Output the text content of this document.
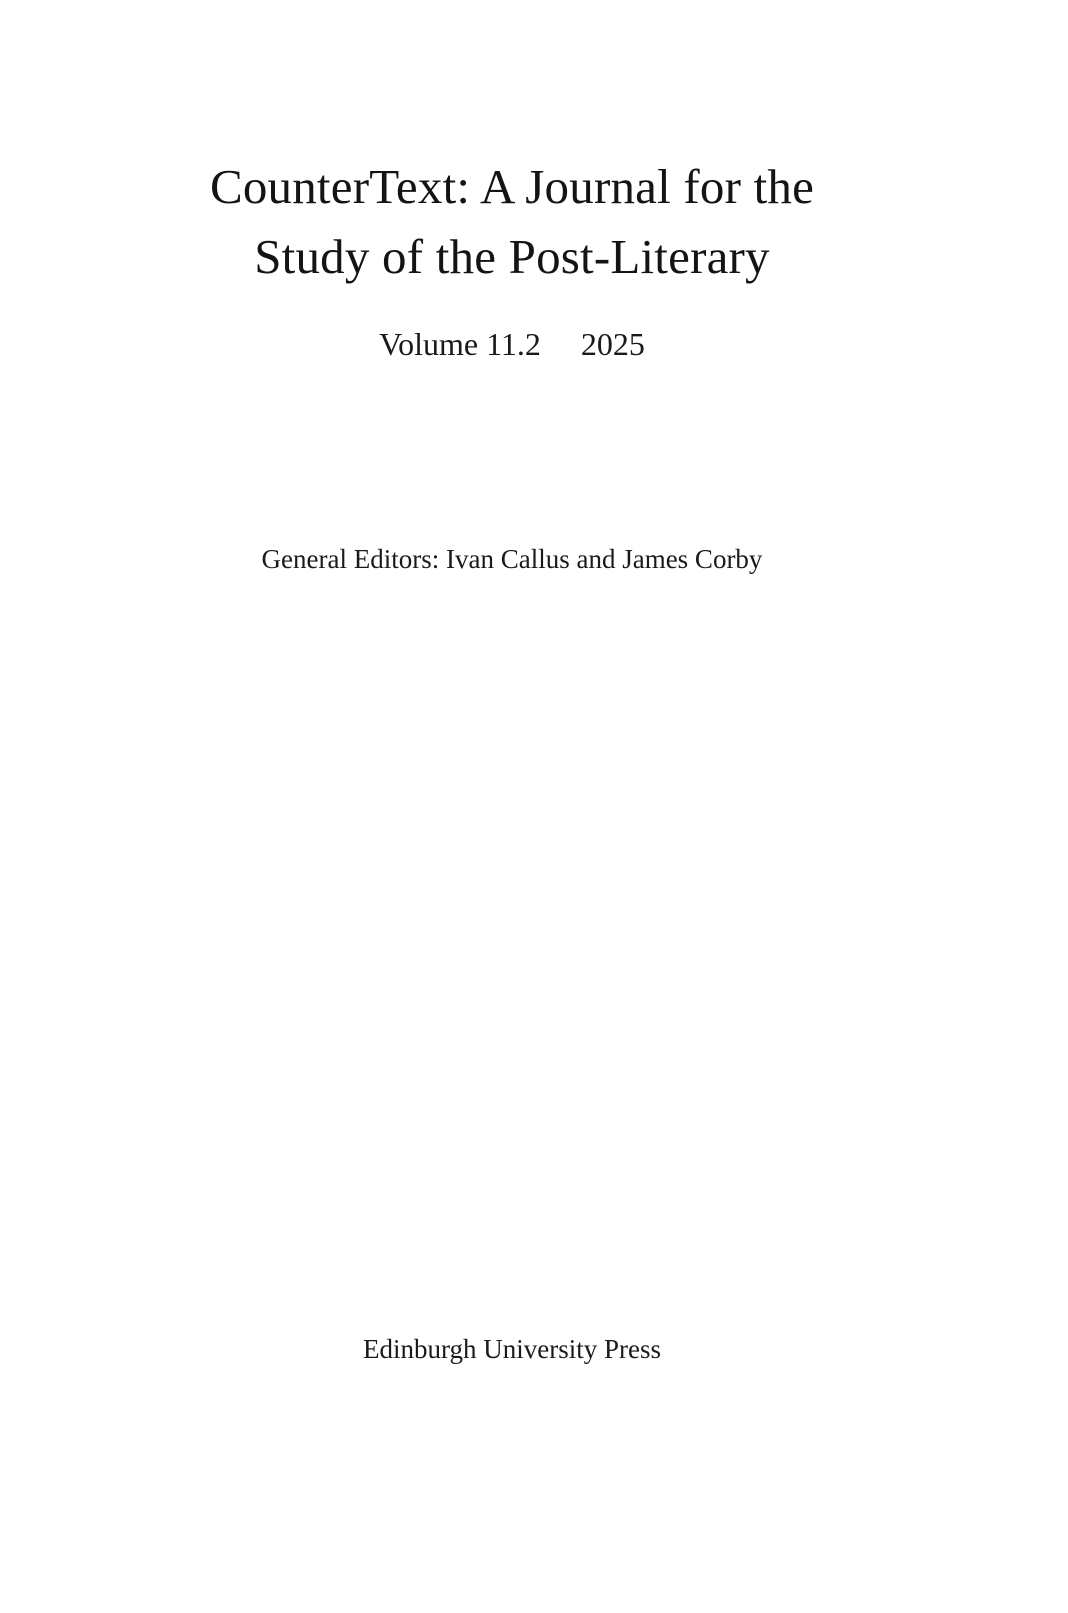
CounterText: A Journal for the
Study of the Post-Literary
Volume 11.2 2025
General Editors: Ivan Callus and James Corby
Edinburgh University Press
